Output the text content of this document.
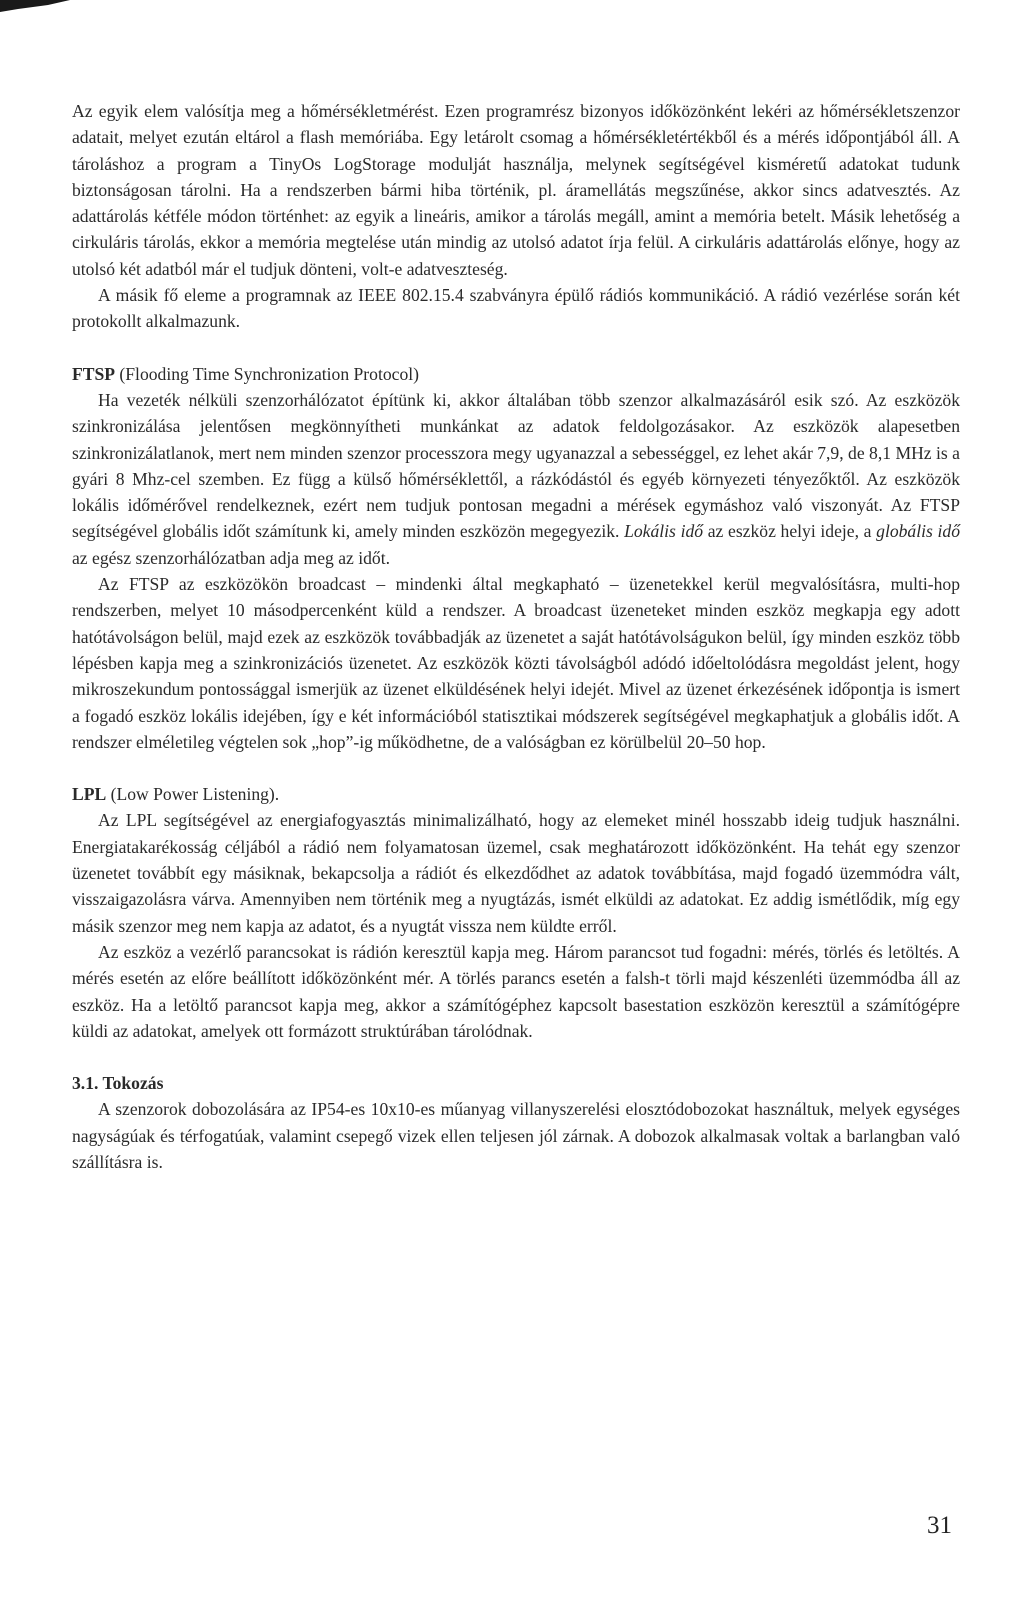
Az egyik elem valósítja meg a hőmérsékletmérést. Ezen programrész bizonyos időközönként lekéri az hőmérsékletszenzor adatait, melyet ezután eltárol a flash memóriába. Egy letárolt csomag a hőmérsékletértékből és a mérés időpontjából áll. A tároláshoz a program a TinyOs LogStorage modulját használja, melynek segítségével kisméretű adatokat tudunk biztonságosan tárolni. Ha a rendszerben bármi hiba történik, pl. áramellátás megszűnése, akkor sincs adatvesztés. Az adattárolás kétféle módon történhet: az egyik a lineáris, amikor a tárolás megáll, amint a memória betelt. Másik lehetőség a cirkuláris tárolás, ekkor a memória megtelése után mindig az utolsó adatot írja felül. A cirkuláris adattárolás előnye, hogy az utolsó két adatból már el tudjuk dönteni, volt-e adatveszteség.

A másik fő eleme a programnak az IEEE 802.15.4 szabványra épülő rádiós kommunikáció. A rádió vezérlése során két protokollt alkalmazunk.

FTSP (Flooding Time Synchronization Protocol)

Ha vezeték nélküli szenzorhálózatot építünk ki, akkor általában több szenzor alkalmazásáról esik szó. Az eszközök szinkronizálása jelentősen megkönnyítheti munkánkat az adatok feldolgozásakor. Az eszközök alapesetben szinkronizálatlanok, mert nem minden szenzor processzora megy ugyanazzal a sebességgel, ez lehet akár 7,9, de 8,1 MHz is a gyári 8 Mhz-cel szemben. Ez függ a külső hőmérséklettől, a rázkódástól és egyéb környezeti tényezőktől. Az eszközök lokális időmérővel rendelkeznek, ezért nem tudjuk pontosan megadni a mérések egymáshoz való viszonyát. Az FTSP segítségével globális időt számítunk ki, amely minden eszközön megegyezik. Lokális idő az eszköz helyi ideje, a globális idő az egész szenzorhálózatban adja meg az időt.

Az FTSP az eszközökön broadcast – mindenki által megkapható – üzenetekkel kerül megvalósításra, multi-hop rendszerben, melyet 10 másodpercenként küld a rendszer. A broadcast üzeneteket minden eszköz megkapja egy adott hatótávolságon belül, majd ezek az eszközök továbbadják az üzenetet a saját hatótávolságukon belül, így minden eszköz több lépésben kapja meg a szinkronizációs üzenetet. Az eszközök közti távolságból adódó időeltolódásra megoldást jelent, hogy mikroszekundum pontossággal ismerjük az üzenet elküldésének helyi idejét. Mivel az üzenet érkezésének időpontja is ismert a fogadó eszköz lokális idejében, így e két információból statisztikai módszerek segítségével megkaphatjuk a globális időt. A rendszer elméletileg végtelen sok „hop”-ig működhetne, de a valóságban ez körülbelül 20–50 hop.

LPL (Low Power Listening).

Az LPL segítségével az energiafogyasztás minimalizálható, hogy az elemeket minél hosszabb ideig tudjuk használni. Energiatakarékosság céljából a rádió nem folyamatosan üzemel, csak meghatározott időközönként. Ha tehát egy szenzor üzenetet továbbít egy másiknak, bekapcsolja a rádiót és elkezdődhet az adatok továbbítása, majd fogadó üzemmódra vált, visszaigazolásra várva. Amennyiben nem történik meg a nyugtázás, ismét elküldi az adatokat. Ez addig ismétlődik, míg egy másik szenzor meg nem kapja az adatot, és a nyugtát vissza nem küldte erről.

Az eszköz a vezérlő parancsokat is rádión keresztül kapja meg. Három parancsot tud fogadni: mérés, törlés és letöltés. A mérés esetén az előre beállított időközönként mér. A törlés parancs esetén a falsh-t törli majd készenléti üzemmódba áll az eszköz. Ha a letöltő parancsot kapja meg, akkor a számítógéphez kapcsolt basestation eszközön keresztül a számítógépre küldi az adatokat, amelyek ott formázott struktúrában tárolódnak.

3.1. Tokozás

A szenzorok dobozolására az IP54-es 10x10-es műanyag villanyszerelési elosztódobozokat használtuk, melyek egységes nagyságúak és térfogatúak, valamint csepegő vizek ellen teljesen jól zárnak. A dobozok alkalmasak voltak a barlangban való szállításra is.

31
